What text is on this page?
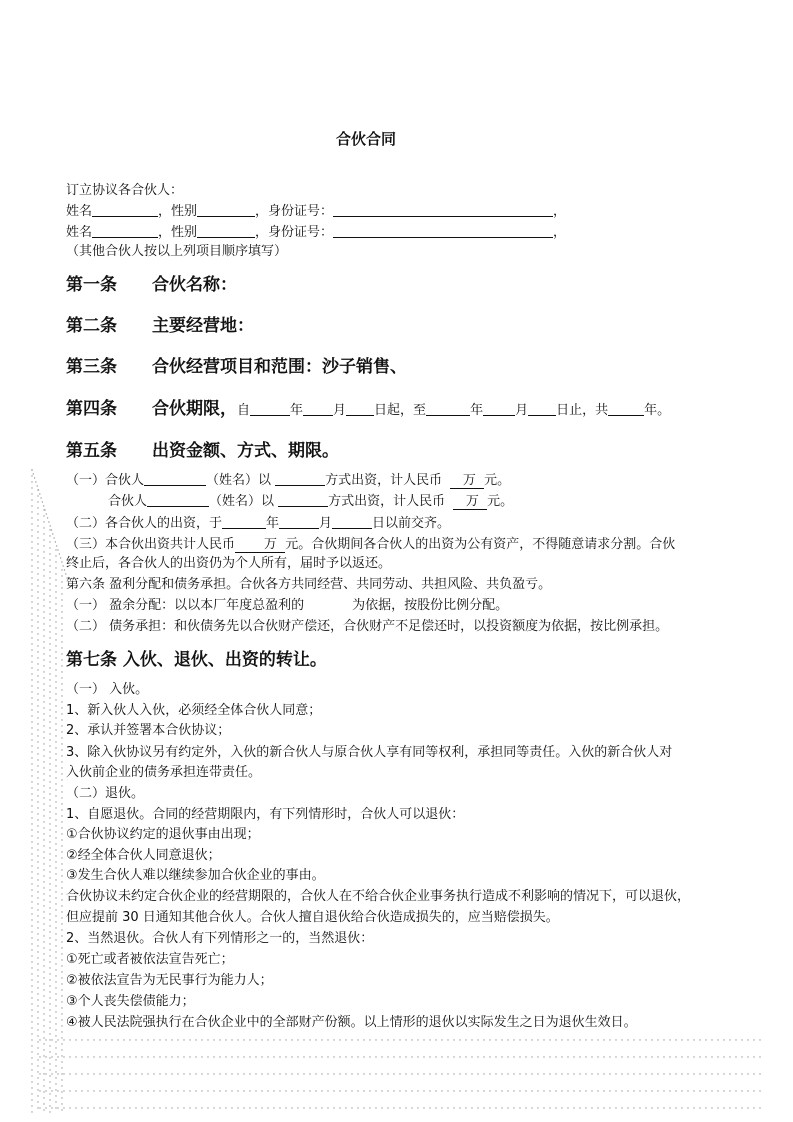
合伙合同
订立协议各合伙人：
姓名	，性别	，身份证号：	，
姓名	，性别	，身份证号：	，
（其他合伙人按以上列项目顺序填写）
第一条 合伙名称：
第二条 主要经营地：
第三条 合伙经营项目和范围：沙子销售、
第四条 合伙期限，自	年 月 日起，至	年 月 日止，共	年。
第五条 出资金额、方式、期限。
（一）合伙人	（姓名）以	方式出资，计人民币 万 元。
合伙人	（姓名）以	方式出资，计人民币 万 元。
（二）各合伙人的出资，于	年	月	日以前交齐。
（三）本合伙出资共计人民币 万 元。合伙期间各合伙人的出资为公有资产，不得随意请求分割。合伙
终止后，各合伙人的出资仍为个人所有，届时予以返还。
第六条 盈利分配和债务承担。合伙各方共同经营、共同劳动、共担风险、共负盈亏。
（一） 盈余分配：以以本厂年度总盈利的	为依据，按股份比例分配。
（二） 债务承担：和伙债务先以合伙财产偿还，合伙财产不足偿还时，以投资额度为依据，按比例承担。
第七条 入伙、退伙、出资的转让。
（一） 入伙。
1、新入伙人入伙，必须经全体合伙人同意；
2、承认并签署本合伙协议；
3、除入伙协议另有约定外，入伙的新合伙人与原合伙人享有同等权利，承担同等责任。入伙的新合伙人对
入伙前企业的债务承担连带责任。
（二）退伙。
1、自愿退伙。合同的经营期限内，有下列情形时，合伙人可以退伙：
①合伙协议约定的退伙事由出现；
②经全体合伙人同意退伙；
③发生合伙人难以继续参加合伙企业的事由。
合伙协议未约定合伙企业的经营期限的，合伙人在不给合伙企业事务执行造成不利影响的情况下，可以退伙，
但应提前 30 日通知其他合伙人。合伙人擅自退伙给合伙造成损失的，应当赔偿损失。
2、当然退伙。合伙人有下列情形之一的，当然退伙：
①死亡或者被依法宣告死亡；
②被依法宣告为无民事行为能力人；
③个人丧失偿债能力；
④被人民法院强执行在合伙企业中的全部财产份额。以上情形的退伙以实际发生之日为退伙生效日。
